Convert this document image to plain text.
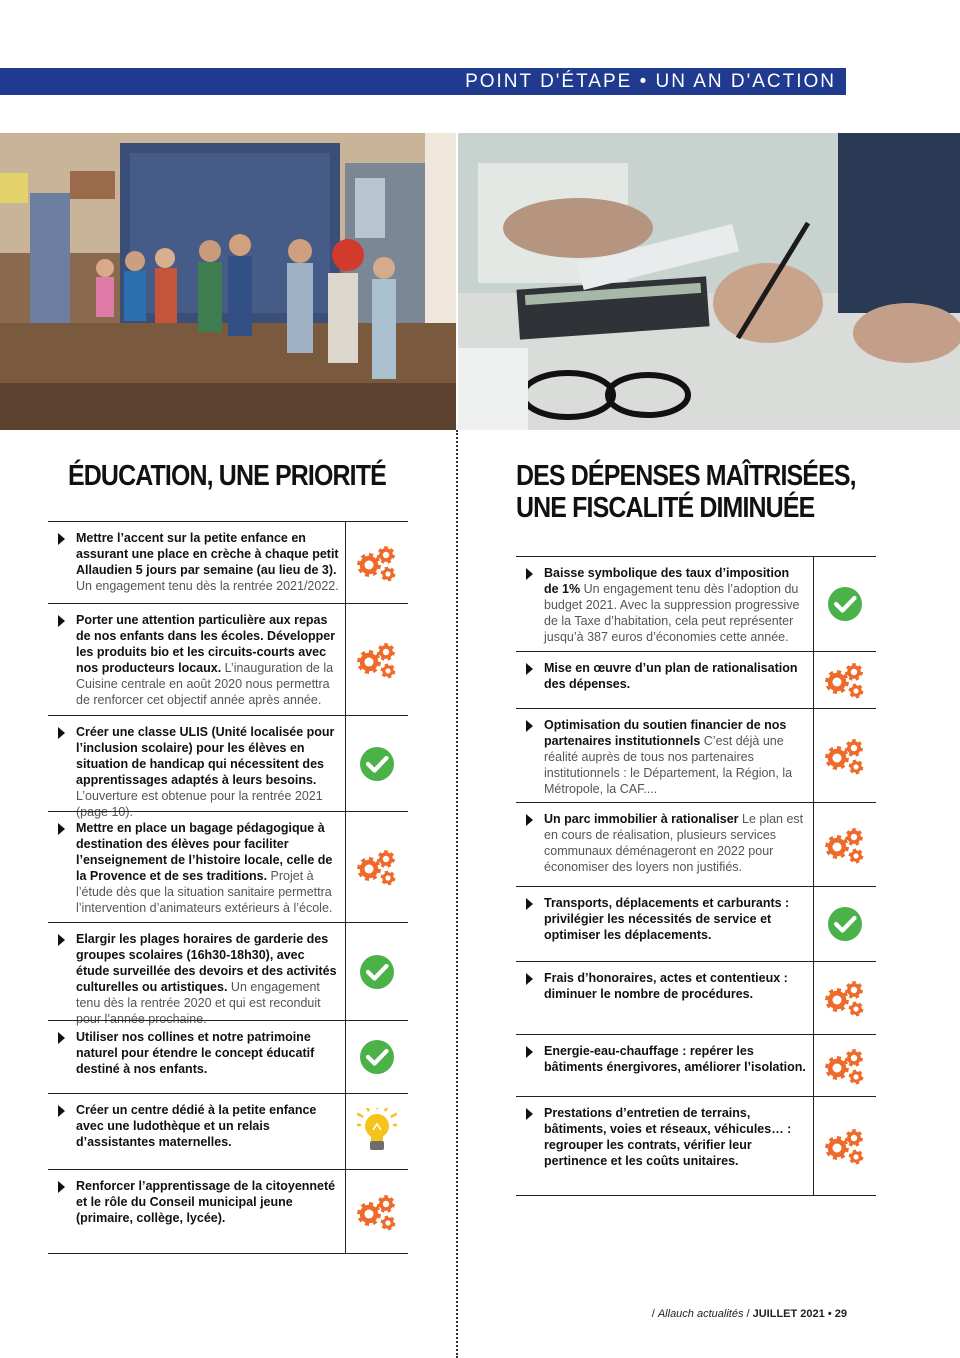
POINT D'ÉTAPE • UN AN D'ACTION
ÉDUCATION, UNE PRIORITÉ
Mettre l’accent sur la petite enfance en assurant une place en crèche à chaque petit Allaudien 5 jours par semaine (au lieu de 3). Un engagement tenu dès la rentrée 2021/2022.
Porter une attention particulière aux repas de nos enfants dans les écoles. Développer les produits bio et les circuits-courts avec nos producteurs locaux. L’inauguration de la Cuisine centrale en août 2020 nous permettra de renforcer cet objectif année après année.
Créer une classe ULIS (Unité localisée pour l’inclusion scolaire) pour les élèves en situation de handicap qui nécessitent des apprentissages adaptés à leurs besoins. L’ouverture est obtenue pour la rentrée 2021 (page 10).
Mettre en place un bagage pédagogique à destination des élèves pour faciliter l’enseignement de l’histoire locale, celle de la Provence et de ses traditions. Projet à l’étude dès que la situation sanitaire permettra l’intervention d’animateurs extérieurs à l’école.
Elargir les plages horaires de garderie des groupes scolaires (16h30-18h30), avec étude surveillée des devoirs et des activités culturelles ou artistiques. Un engagement tenu dès la rentrée 2020 et qui est reconduit pour l’année prochaine.
Utiliser nos collines et notre patrimoine naturel pour étendre le concept éducatif destiné à nos enfants.
Créer un centre dédié à la petite enfance avec une ludothèque et un relais d’assistantes maternelles.
Renforcer l’apprentissage de la citoyenneté et le rôle du Conseil municipal jeune (primaire, collège, lycée).
DES DÉPENSES MAÎTRISÉES,
UNE FISCALITÉ DIMINUÉE
Baisse symbolique des taux d’imposition de 1% Un engagement tenu dès l’adoption du budget 2021. Avec la suppression progressive de la Taxe d’habitation, cela peut représenter jusqu’à 387 euros d’économies cette année.
Mise en œuvre d’un plan de rationalisation des dépenses.
Optimisation du soutien financier de nos partenaires institutionnels C’est déjà une réalité auprès de tous nos partenaires institutionnels : le Département, la Région, la Métropole, la CAF....
Un parc immobilier à rationaliser Le plan est en cours de réalisation, plusieurs services communaux déménageront en 2022 pour économiser des loyers non justifiés.
Transports, déplacements et carburants : privilégier les nécessités de service et optimiser les déplacements.
Frais d’honoraires, actes et contentieux : diminuer le nombre de procédures.
Energie-eau-chauffage : repérer les bâtiments énergivores, améliorer l’isolation.
Prestations d’entretien de terrains, bâtiments, voies et réseaux, véhicules… : regrouper les contrats, vérifier leur pertinence et les coûts unitaires.
/ Allauch actualités / JUILLET 2021 • 29
